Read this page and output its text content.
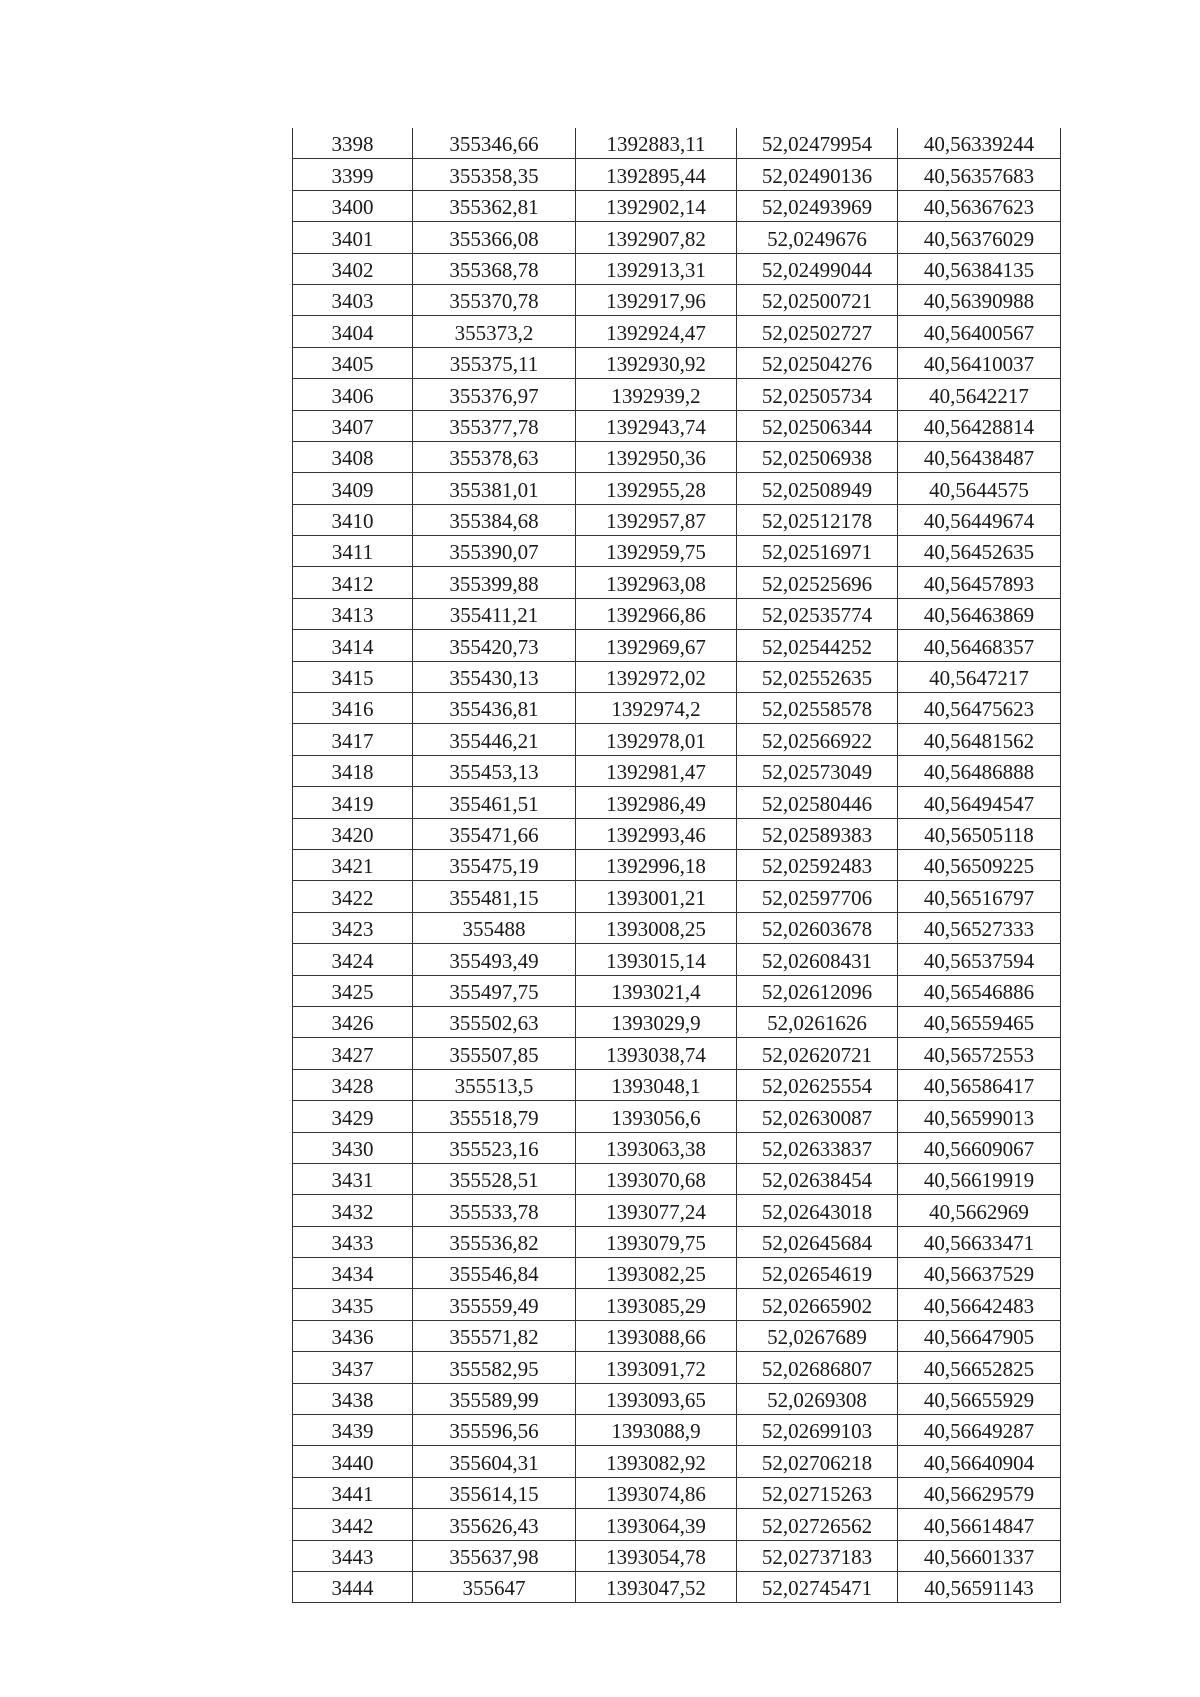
3398	355346,66	1392883,11	52,02479954	40,56339244
3399	355358,35	1392895,44	52,02490136	40,56357683
3400	355362,81	1392902,14	52,02493969	40,56367623
3401	355366,08	1392907,82	52,0249676	40,56376029
3402	355368,78	1392913,31	52,02499044	40,56384135
3403	355370,78	1392917,96	52,02500721	40,56390988
3404	355373,2	1392924,47	52,02502727	40,56400567
3405	355375,11	1392930,92	52,02504276	40,56410037
3406	355376,97	1392939,2	52,02505734	40,5642217
3407	355377,78	1392943,74	52,02506344	40,56428814
3408	355378,63	1392950,36	52,02506938	40,56438487
3409	355381,01	1392955,28	52,02508949	40,5644575
3410	355384,68	1392957,87	52,02512178	40,56449674
3411	355390,07	1392959,75	52,02516971	40,56452635
3412	355399,88	1392963,08	52,02525696	40,56457893
3413	355411,21	1392966,86	52,02535774	40,56463869
3414	355420,73	1392969,67	52,02544252	40,56468357
3415	355430,13	1392972,02	52,02552635	40,5647217
3416	355436,81	1392974,2	52,02558578	40,56475623
3417	355446,21	1392978,01	52,02566922	40,56481562
3418	355453,13	1392981,47	52,02573049	40,56486888
3419	355461,51	1392986,49	52,02580446	40,56494547
3420	355471,66	1392993,46	52,02589383	40,56505118
3421	355475,19	1392996,18	52,02592483	40,56509225
3422	355481,15	1393001,21	52,02597706	40,56516797
3423	355488	1393008,25	52,02603678	40,56527333
3424	355493,49	1393015,14	52,02608431	40,56537594
3425	355497,75	1393021,4	52,02612096	40,56546886
3426	355502,63	1393029,9	52,0261626	40,56559465
3427	355507,85	1393038,74	52,02620721	40,56572553
3428	355513,5	1393048,1	52,02625554	40,56586417
3429	355518,79	1393056,6	52,02630087	40,56599013
3430	355523,16	1393063,38	52,02633837	40,56609067
3431	355528,51	1393070,68	52,02638454	40,56619919
3432	355533,78	1393077,24	52,02643018	40,5662969
3433	355536,82	1393079,75	52,02645684	40,56633471
3434	355546,84	1393082,25	52,02654619	40,56637529
3435	355559,49	1393085,29	52,02665902	40,56642483
3436	355571,82	1393088,66	52,0267689	40,56647905
3437	355582,95	1393091,72	52,02686807	40,56652825
3438	355589,99	1393093,65	52,0269308	40,56655929
3439	355596,56	1393088,9	52,02699103	40,56649287
3440	355604,31	1393082,92	52,02706218	40,56640904
3441	355614,15	1393074,86	52,02715263	40,56629579
3442	355626,43	1393064,39	52,02726562	40,56614847
3443	355637,98	1393054,78	52,02737183	40,56601337
3444	355647	1393047,52	52,02745471	40,56591143
